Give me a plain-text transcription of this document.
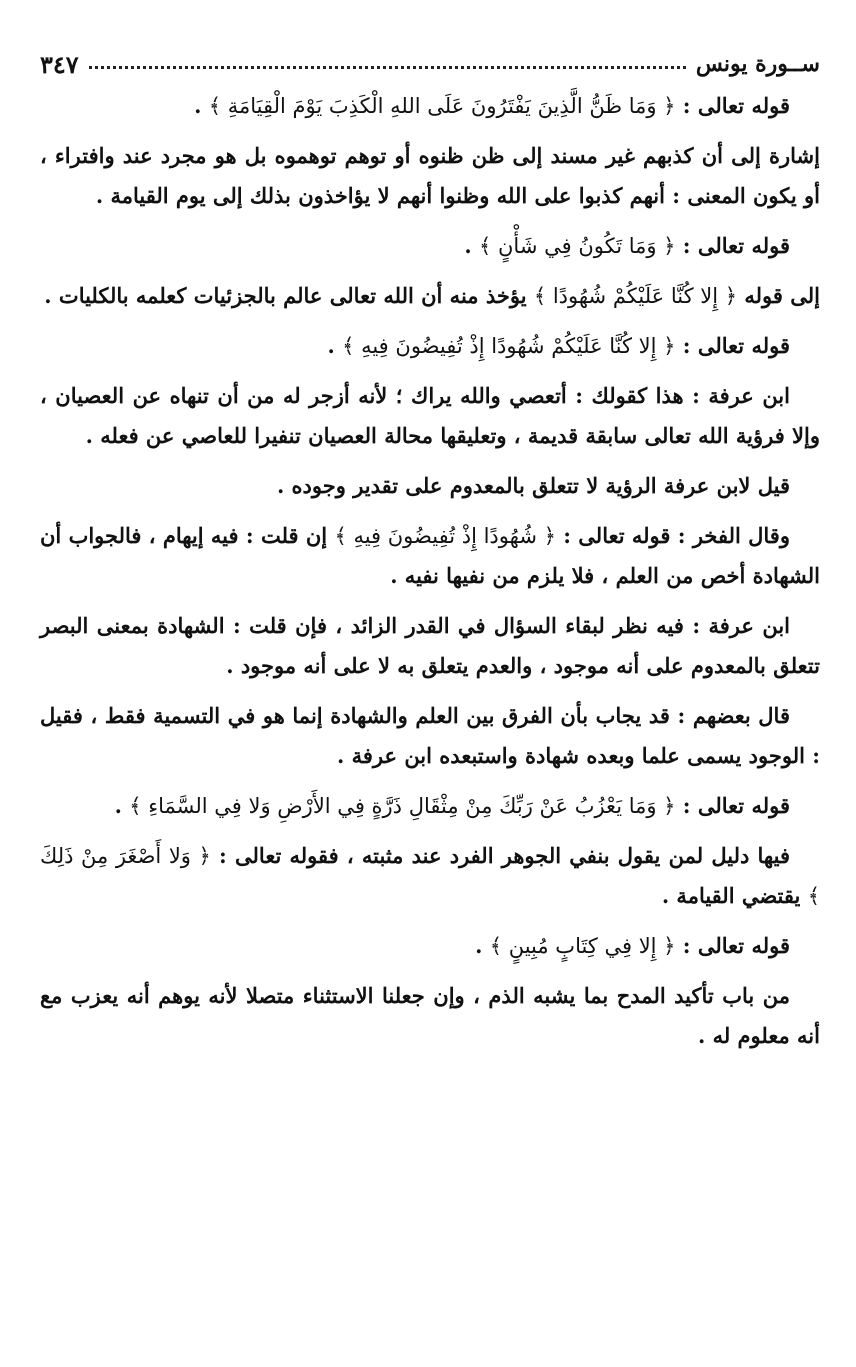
ســورة يونس
٣٤٧

قوله تعالى : ﴿ وَمَا ظَنُّ الَّذِينَ يَفْتَرُونَ عَلَى اللهِ الْكَذِبَ يَوْمَ الْقِيَامَةِ ﴾ .

إشارة إلى أن كذبهم غير مسند إلى ظن ظنوه أو توهم توهموه بل هو مجرد عند وافتراء ، أو يكون المعنى : أنهم كذبوا على الله وظنوا أنهم لا يؤاخذون بذلك إلى يوم القيامة .

قوله تعالى : ﴿ وَمَا تَكُونُ فِي شَأْنٍ ﴾ .

إلى قوله ﴿ إِلا كُنَّا عَلَيْكُمْ شُهُودًا ﴾ يؤخذ منه أن الله تعالى عالم بالجزئيات كعلمه بالكليات .

قوله تعالى : ﴿ إِلا كُنَّا عَلَيْكُمْ شُهُودًا إِذْ تُفِيضُونَ فِيهِ ﴾ .

ابن عرفة : هذا كقولك : أتعصي والله يراك ؛ لأنه أزجر له من أن تنهاه عن العصيان ، وإلا فرؤية الله تعالى سابقة قديمة ، وتعليقها محالة العصيان تنفيرا للعاصي عن فعله .

قيل لابن عرفة الرؤية لا تتعلق بالمعدوم على تقدير وجوده .

وقال الفخر : قوله تعالى : ﴿ شُهُودًا إِذْ تُفِيضُونَ فِيهِ ﴾ إن قلت : فيه إيهام ، فالجواب أن الشهادة أخص من العلم ، فلا يلزم من نفيها نفيه .

ابن عرفة : فيه نظر لبقاء السؤال في القدر الزائد ، فإن قلت : الشهادة بمعنى البصر تتعلق بالمعدوم على أنه موجود ، والعدم يتعلق به لا على أنه موجود .

قال بعضهم : قد يجاب بأن الفرق بين العلم والشهادة إنما هو في التسمية فقط ، فقيل : الوجود يسمى علما وبعده شهادة واستبعده ابن عرفة .

قوله تعالى : ﴿ وَمَا يَعْزُبُ عَنْ رَبِّكَ مِنْ مِثْقَالِ ذَرَّةٍ فِي الأَرْضِ وَلا فِي السَّمَاءِ ﴾ .

فيها دليل لمن يقول بنفي الجوهر الفرد عند مثبته ، فقوله تعالى : ﴿ وَلا أَصْغَرَ مِنْ ذَلِكَ ﴾ يقتضي القيامة .

قوله تعالى : ﴿ إِلا فِي كِتَابٍ مُبِينٍ ﴾ .

من باب تأكيد المدح بما يشبه الذم ، وإن جعلنا الاستثناء متصلا لأنه يوهم أنه يعزب مع أنه معلوم له .
